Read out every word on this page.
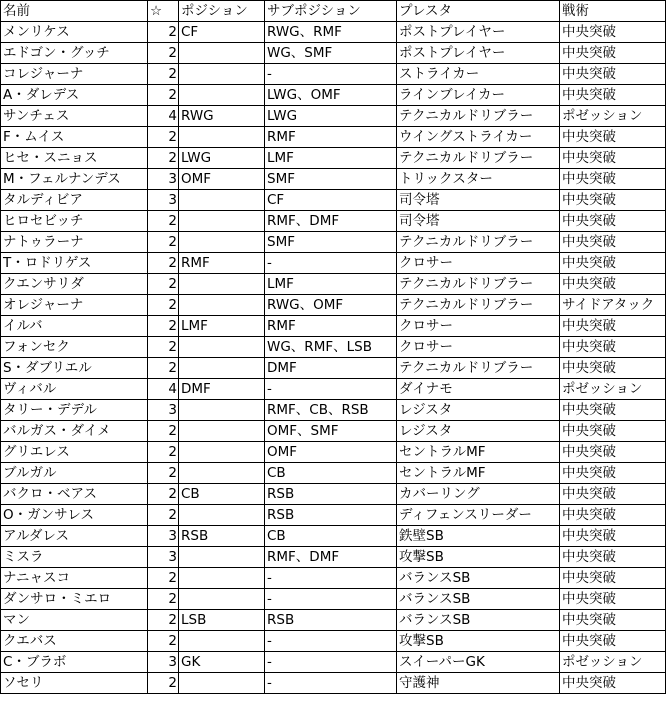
名前	☆	ポジション	サブポジション	プレスタ	戦術
メンリケス	2	CF	RWG、RMF	ポストプレイヤー	中央突破
エドゴン・グッチ	2		WG、SMF	ポストプレイヤー	中央突破
コレジャーナ	2		-	ストライカー	中央突破
A・ダレデス	2		LWG、OMF	ラインブレイカー	中央突破
サンチェス	4	RWG	LWG	テクニカルドリブラー	ポゼッション
F・ムイス	2		RMF	ウイングストライカー	中央突破
ヒセ・スニョス	2	LWG	LMF	テクニカルドリブラー	中央突破
M・フェルナンデス	3	OMF	SMF	トリックスター	中央突破
タルディビア	3		CF	司令塔	中央突破
ヒロセビッチ	2		RMF、DMF	司令塔	中央突破
ナトゥラーナ	2		SMF	テクニカルドリブラー	中央突破
T・ロドリゲス	2	RMF	-	クロサー	中央突破
クエンサリダ	2		LMF	テクニカルドリブラー	中央突破
オレジャーナ	2		RWG、OMF	テクニカルドリブラー	サイドアタック
イルバ	2	LMF	RMF	クロサー	中央突破
フォンセク	2		WG、RMF、LSB	クロサー	中央突破
S・ダブリエル	2		DMF	テクニカルドリブラー	中央突破
ヴィバル	4	DMF	-	ダイナモ	ポゼッション
タリー・デデル	3		RMF、CB、RSB	レジスタ	中央突破
バルガス・ダイメ	2		OMF、SMF	レジスタ	中央突破
グリエレス	2		OMF	セントラルMF	中央突破
ブルガル	2		CB	セントラルMF	中央突破
バクロ・ベアス	2	CB	RSB	カバーリング	中央突破
O・ガンサレス	2		RSB	ディフェンスリーダー	中央突破
アルダレス	3	RSB	CB	鉄壁SB	中央突破
ミスラ	3		RMF、DMF	攻撃SB	中央突破
ナニャスコ	2		-	バランスSB	中央突破
ダンサロ・ミエロ	2		-	バランスSB	中央突破
マン	2	LSB	RSB	バランスSB	中央突破
クエバス	2		-	攻撃SB	中央突破
C・ブラボ	3	GK	-	スイーパーGK	ポゼッション
ソセリ	2		-	守護神	中央突破
